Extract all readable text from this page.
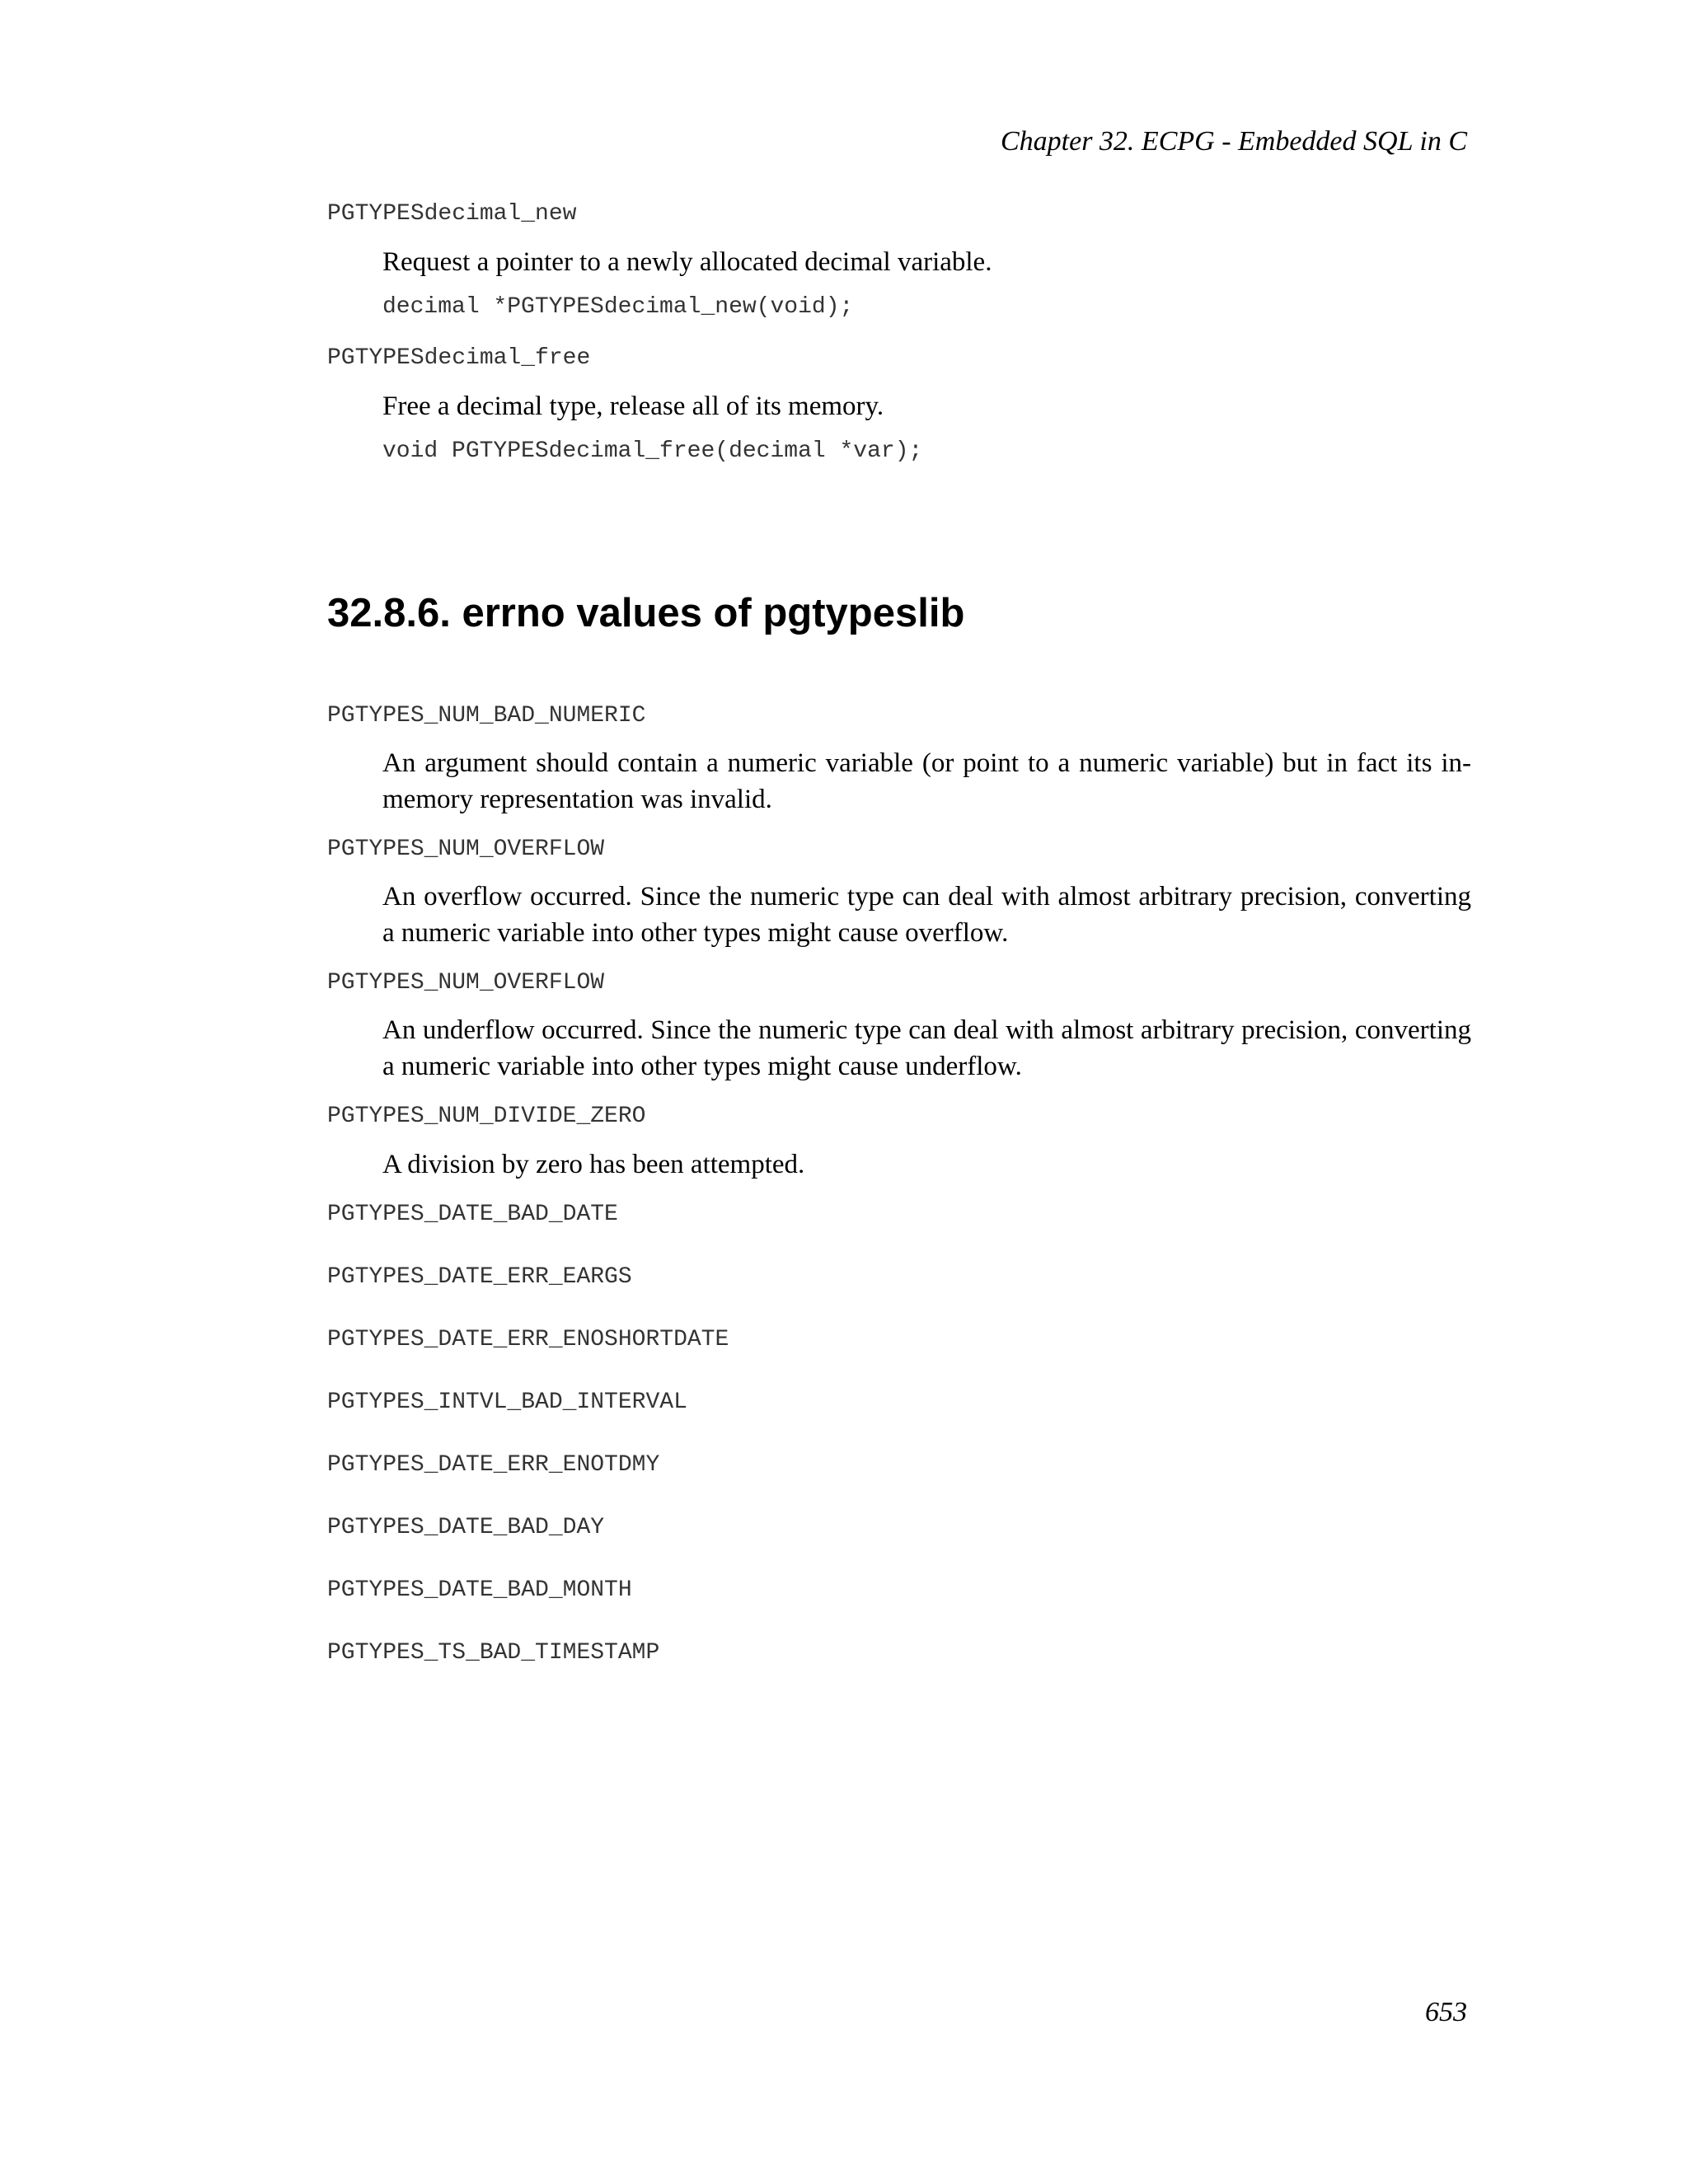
Chapter 32. ECPG - Embedded SQL in C
PGTYPESdecimal_new
Request a pointer to a newly allocated decimal variable.
decimal *PGTYPESdecimal_new(void);
PGTYPESdecimal_free
Free a decimal type, release all of its memory.
void PGTYPESdecimal_free(decimal *var);
32.8.6. errno values of pgtypeslib
PGTYPES_NUM_BAD_NUMERIC
An argument should contain a numeric variable (or point to a numeric variable) but in fact its in-memory representation was invalid.
PGTYPES_NUM_OVERFLOW
An overflow occurred. Since the numeric type can deal with almost arbitrary precision, converting a numeric variable into other types might cause overflow.
PGTYPES_NUM_OVERFLOW
An underflow occurred. Since the numeric type can deal with almost arbitrary precision, converting a numeric variable into other types might cause underflow.
PGTYPES_NUM_DIVIDE_ZERO
A division by zero has been attempted.
PGTYPES_DATE_BAD_DATE
PGTYPES_DATE_ERR_EARGS
PGTYPES_DATE_ERR_ENOSHORTDATE
PGTYPES_INTVL_BAD_INTERVAL
PGTYPES_DATE_ERR_ENOTDMY
PGTYPES_DATE_BAD_DAY
PGTYPES_DATE_BAD_MONTH
PGTYPES_TS_BAD_TIMESTAMP
653
